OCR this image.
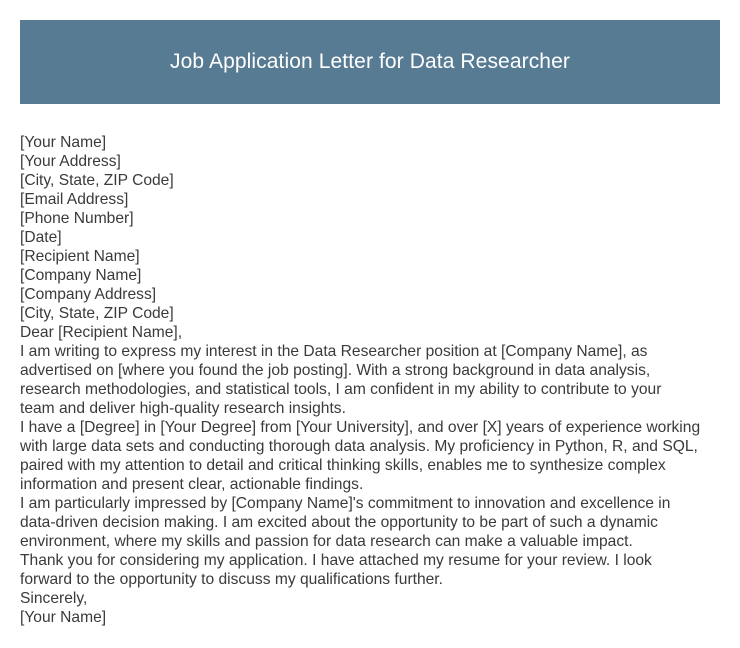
Job Application Letter for Data Researcher
[Your Name]
[Your Address]
[City, State, ZIP Code]
[Email Address]
[Phone Number]
[Date]
[Recipient Name]
[Company Name]
[Company Address]
[City, State, ZIP Code]
Dear [Recipient Name],
I am writing to express my interest in the Data Researcher position at [Company Name], as
advertised on [where you found the job posting]. With a strong background in data analysis,
research methodologies, and statistical tools, I am confident in my ability to contribute to your
team and deliver high-quality research insights.
I have a [Degree] in [Your Degree] from [Your University], and over [X] years of experience working
with large data sets and conducting thorough data analysis. My proficiency in Python, R, and SQL,
paired with my attention to detail and critical thinking skills, enables me to synthesize complex
information and present clear, actionable findings.
I am particularly impressed by [Company Name]'s commitment to innovation and excellence in
data-driven decision making. I am excited about the opportunity to be part of such a dynamic
environment, where my skills and passion for data research can make a valuable impact.
Thank you for considering my application. I have attached my resume for your review. I look
forward to the opportunity to discuss my qualifications further.
Sincerely,
[Your Name]
